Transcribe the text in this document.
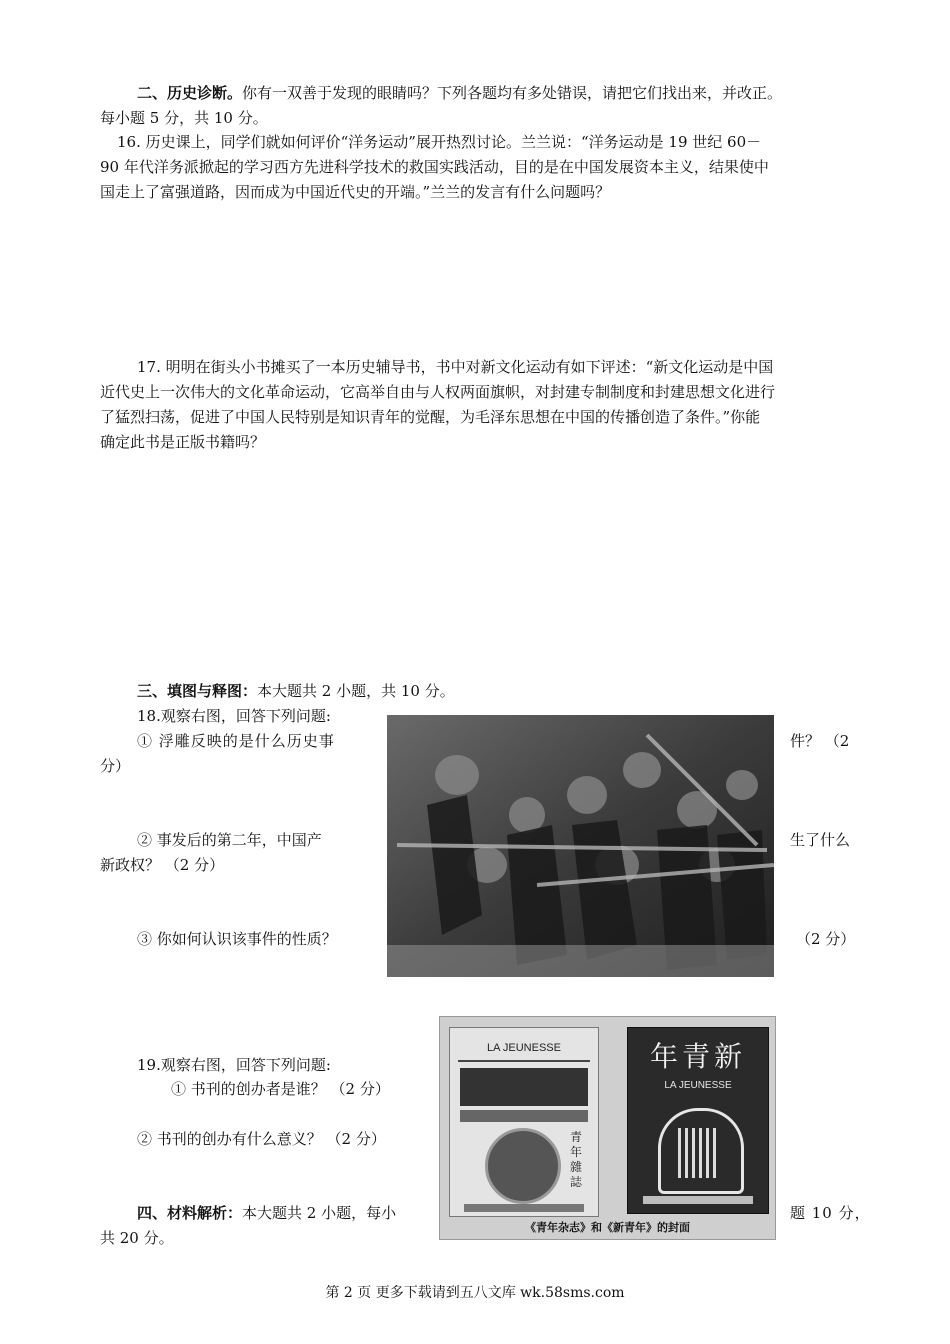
二、历史诊断。你有一双善于发现的眼睛吗？下列各题均有多处错误，请把它们找出来，并改正。
每小题 5 分，共 10 分。
16. 历史课上，同学们就如何评价“洋务运动”展开热烈讨论。兰兰说：“洋务运动是 19 世纪 60－
90 年代洋务派掀起的学习西方先进科学技术的救国实践活动，目的是在中国发展资本主义，结果使中
国走上了富强道路，因而成为中国近代史的开端。”兰兰的发言有什么问题吗？
17. 明明在街头小书摊买了一本历史辅导书，书中对新文化运动有如下评述：“新文化运动是中国
近代史上一次伟大的文化革命运动，它高举自由与人权两面旗帜，对封建专制制度和封建思想文化进行
了猛烈扫荡，促进了中国人民特别是知识青年的觉醒，为毛泽东思想在中国的传播创造了条件。”你能
确定此书是正版书籍吗？
三、填图与释图：本大题共 2 小题，共 10 分。
18.观察右图，回答下列问题:
① 浮雕反映的是什么历史事	件？ （2
分）
② 事发后的第二年，中国产	生了什么
新政权？ （2 分）
③ 你如何认识该事件的性质？	（2 分）
19.观察右图，回答下列问题:
① 书刊的创办者是谁？ （2 分）
② 书刊的创办有什么意义？ （2 分）
LA JEUNESSE
青年雜誌
年青新
LA JEUNESSE
《青年杂志》和《新青年》的封面
四、材料解析：本大题共 2 小题，每小	题 10 分，
共 20 分。
第 2 页 更多下载请到五八文库 wk.58sms.com
